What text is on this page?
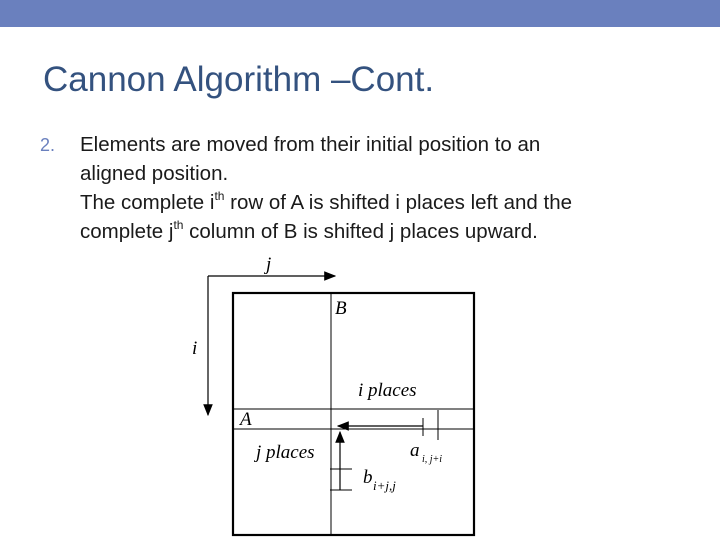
Cannon Algorithm –Cont.
2. Elements are moved from their initial position to an
aligned position.
The complete $i^{th}$ row of A is shifted i places left and the
complete $j^{th}$ column of B is shifted j places upward.
j
i
B
A
i places
a i, j+i
j places
b i+j,j
